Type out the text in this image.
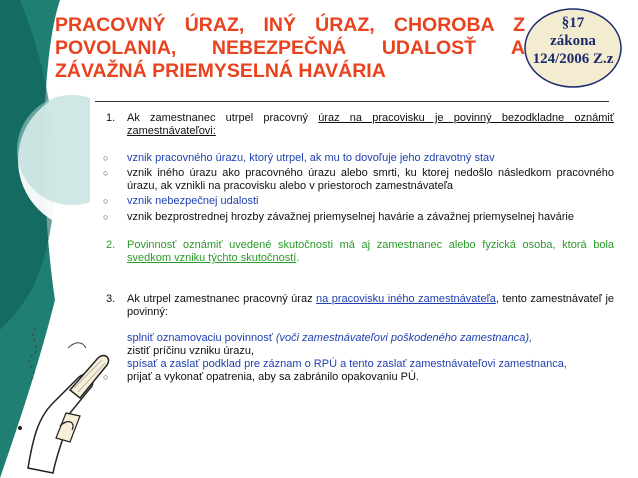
PRACOVNÝ ÚRAZ, INÝ ÚRAZ, CHOROBA Z
POVOLANIA, NEBEZPEČNÁ UDALOSŤ A
ZÁVAŽNÁ PRIEMYSELNÁ HAVÁRIA
§17
zákona
124/2006 Z.z
1.	Ak zamestnanec utrpel pracovný úraz na pracovisku je povinný bezodkladne oznámiť zamestnávateľovi:
○	vznik pracovného úrazu, ktorý utrpel, ak mu to dovoľuje jeho zdravotný stav
○	vznik iného úrazu ako pracovného úrazu alebo smrti, ku ktorej nedošlo následkom pracovného úrazu, ak vznikli na pracovisku alebo v priestoroch zamestnávateľa
○	vznik nebezpečnej udalosti
○	vznik bezprostrednej hrozby závažnej priemyselnej havárie a závažnej priemyselnej havárie
2.	Povinnosť oznámiť uvedené skutočnosti má aj zamestnanec alebo fyzická osoba, ktorá bola svedkom vzniku týchto skutočností.
3.	Ak utrpel zamestnanec pracovný úraz na pracovisku iného zamestnávateľa, tento zamestnávateľ je povinný:
splniť oznamovaciu povinnosť (voči zamestnávateľovi poškodeného zamestnanca),
zistiť príčinu vzniku úrazu,
spísať a zaslať podklad pre záznam o RPÚ a tento zaslať zamestnávateľovi zamestnanca,
○	prijať a vykonať opatrenia, aby sa zabránilo opakovaniu PÚ.
